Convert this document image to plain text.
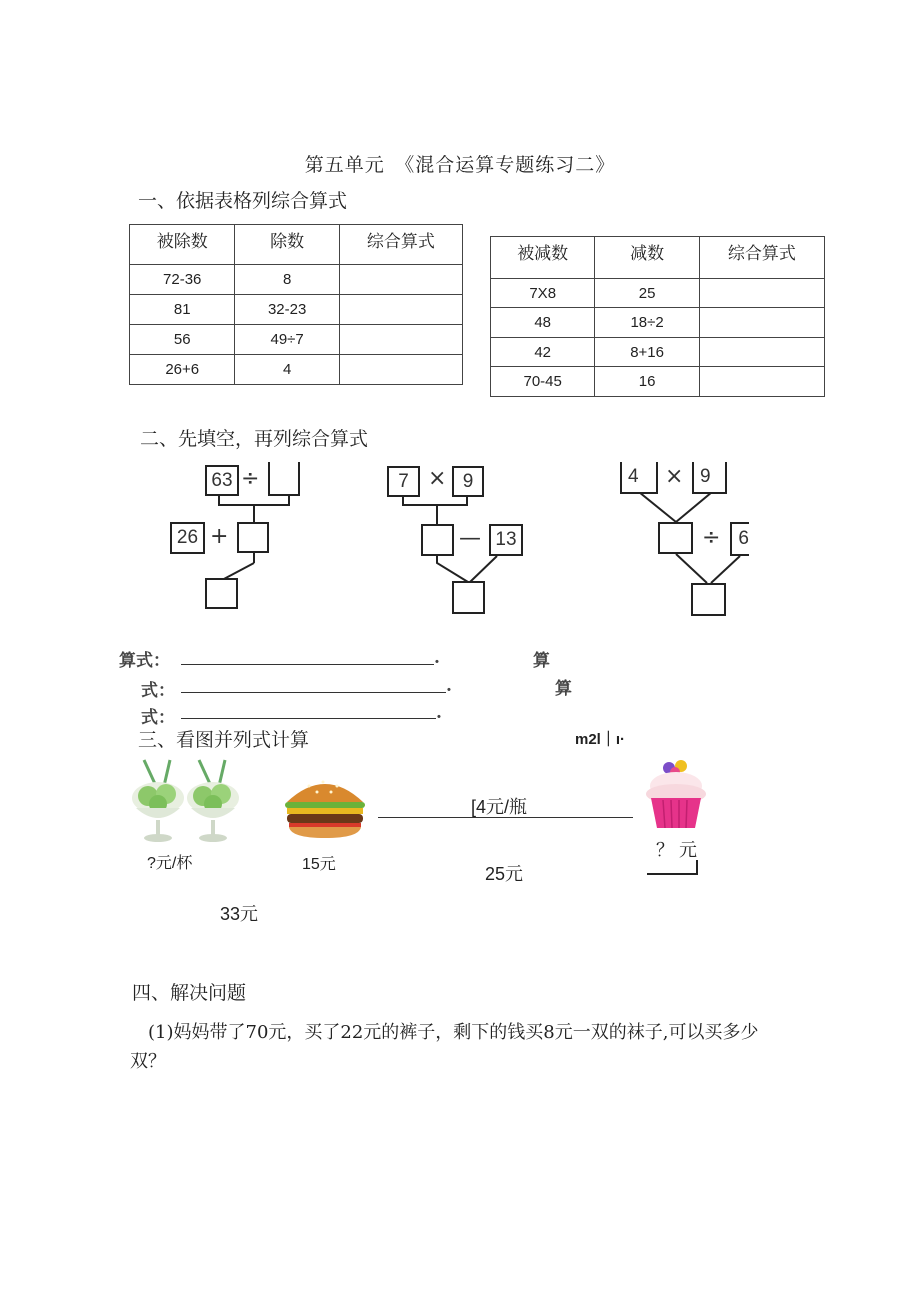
第五单元　《混合运算专题练习二》
一、依据表格列综合算式
被除数	除数	综合算式
72-36	8	
81	32-23	
56	49÷7	
26+6	4	
被减数	减数	综合算式
7X8	25	
48	18÷2	
42	8+16	
70-45	16	
二、先填空，再列综合算式
63 ÷
26 +
7 × 9
— 13
4	× 9
÷ 6
算式：	.
式：	.
式：	.
算
算
三、看图并列式计算	m2l｜ı·
?元/杯	15元
[4元/瓶
25元
？ 元
33元
四、解决问题
(1)妈妈带了70元，买了22元的裤子，剩下的钱买8元一双的袜子,可以买多少
双？
